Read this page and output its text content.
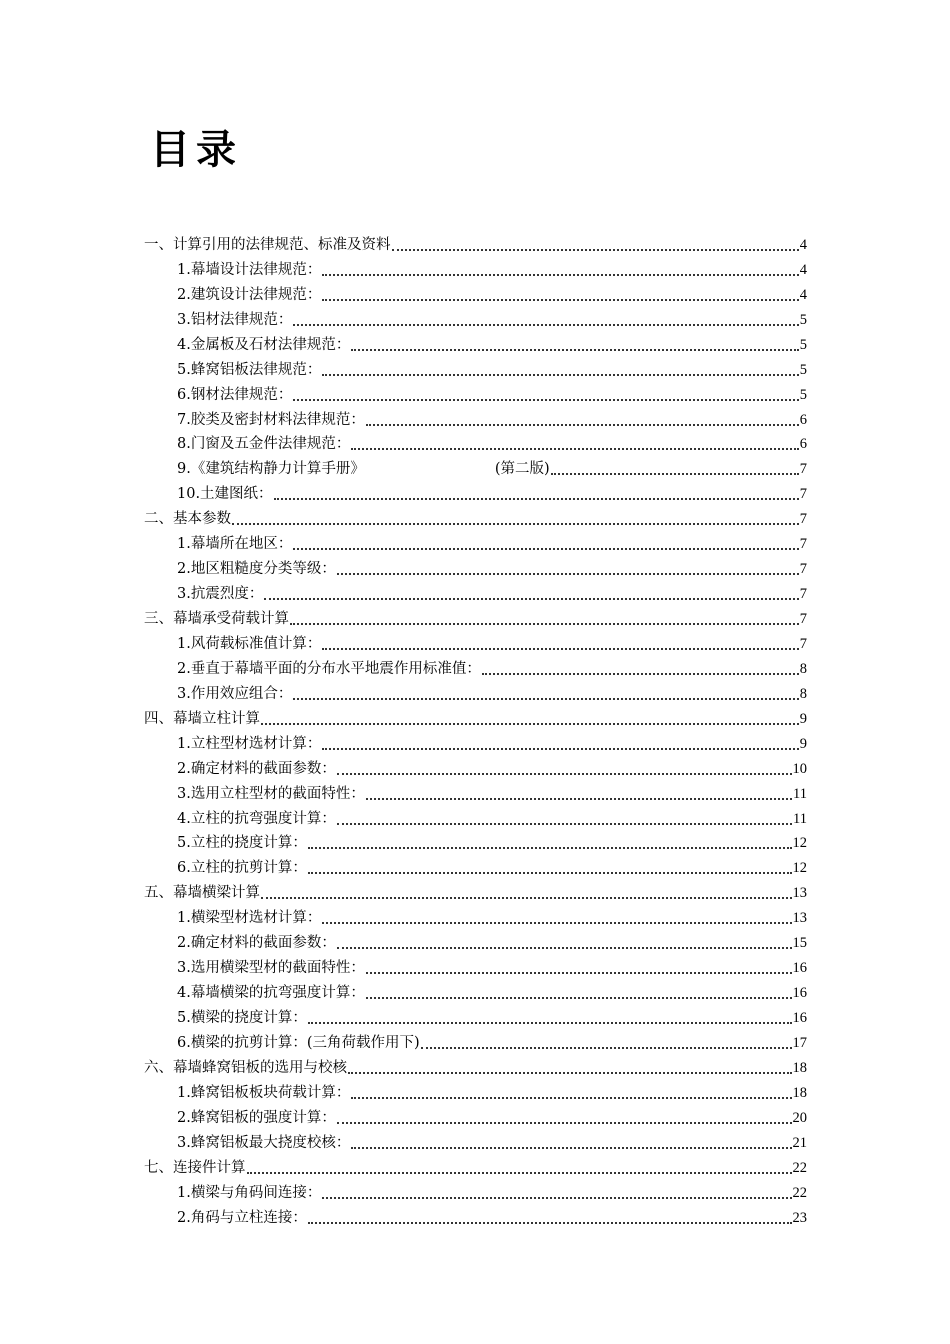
目录
一、计算引用的法律规范、标准及资料	4
1.幕墙设计法律规范：	4
2.建筑设计法律规范：	4
3.铝材法律规范：	5
4.金属板及石材法律规范：	5
5.蜂窝铝板法律规范：	5
6.钢材法律规范：	5
7.胶类及密封材料法律规范：	6
8.门窗及五金件法律规范：	6
9.《建筑结构静力计算手册》	(第二版)	7
10.土建图纸：	7
二、基本参数	7
1.幕墙所在地区：	7
2.地区粗糙度分类等级：	7
3.抗震烈度：	7
三、幕墙承受荷载计算	7
1.风荷载标准值计算：	7
2.垂直于幕墙平面的分布水平地震作用标准值：	8
3.作用效应组合：	8
四、幕墙立柱计算	9
1.立柱型材选材计算：	9
2.确定材料的截面参数：	10
3.选用立柱型材的截面特性：	11
4.立柱的抗弯强度计算：	11
5.立柱的挠度计算：	12
6.立柱的抗剪计算：	12
五、幕墙横梁计算	13
1.横梁型材选材计算：	13
2.确定材料的截面参数：	15
3.选用横梁型材的截面特性：	16
4.幕墙横梁的抗弯强度计算：	16
5.横梁的挠度计算：	16
6.横梁的抗剪计算：(三角荷载作用下)	17
六、幕墙蜂窝铝板的选用与校核	18
1.蜂窝铝板板块荷载计算：	18
2.蜂窝铝板的强度计算：	20
3.蜂窝铝板最大挠度校核：	21
七、连接件计算	22
1.横梁与角码间连接：	22
2.角码与立柱连接：	23
